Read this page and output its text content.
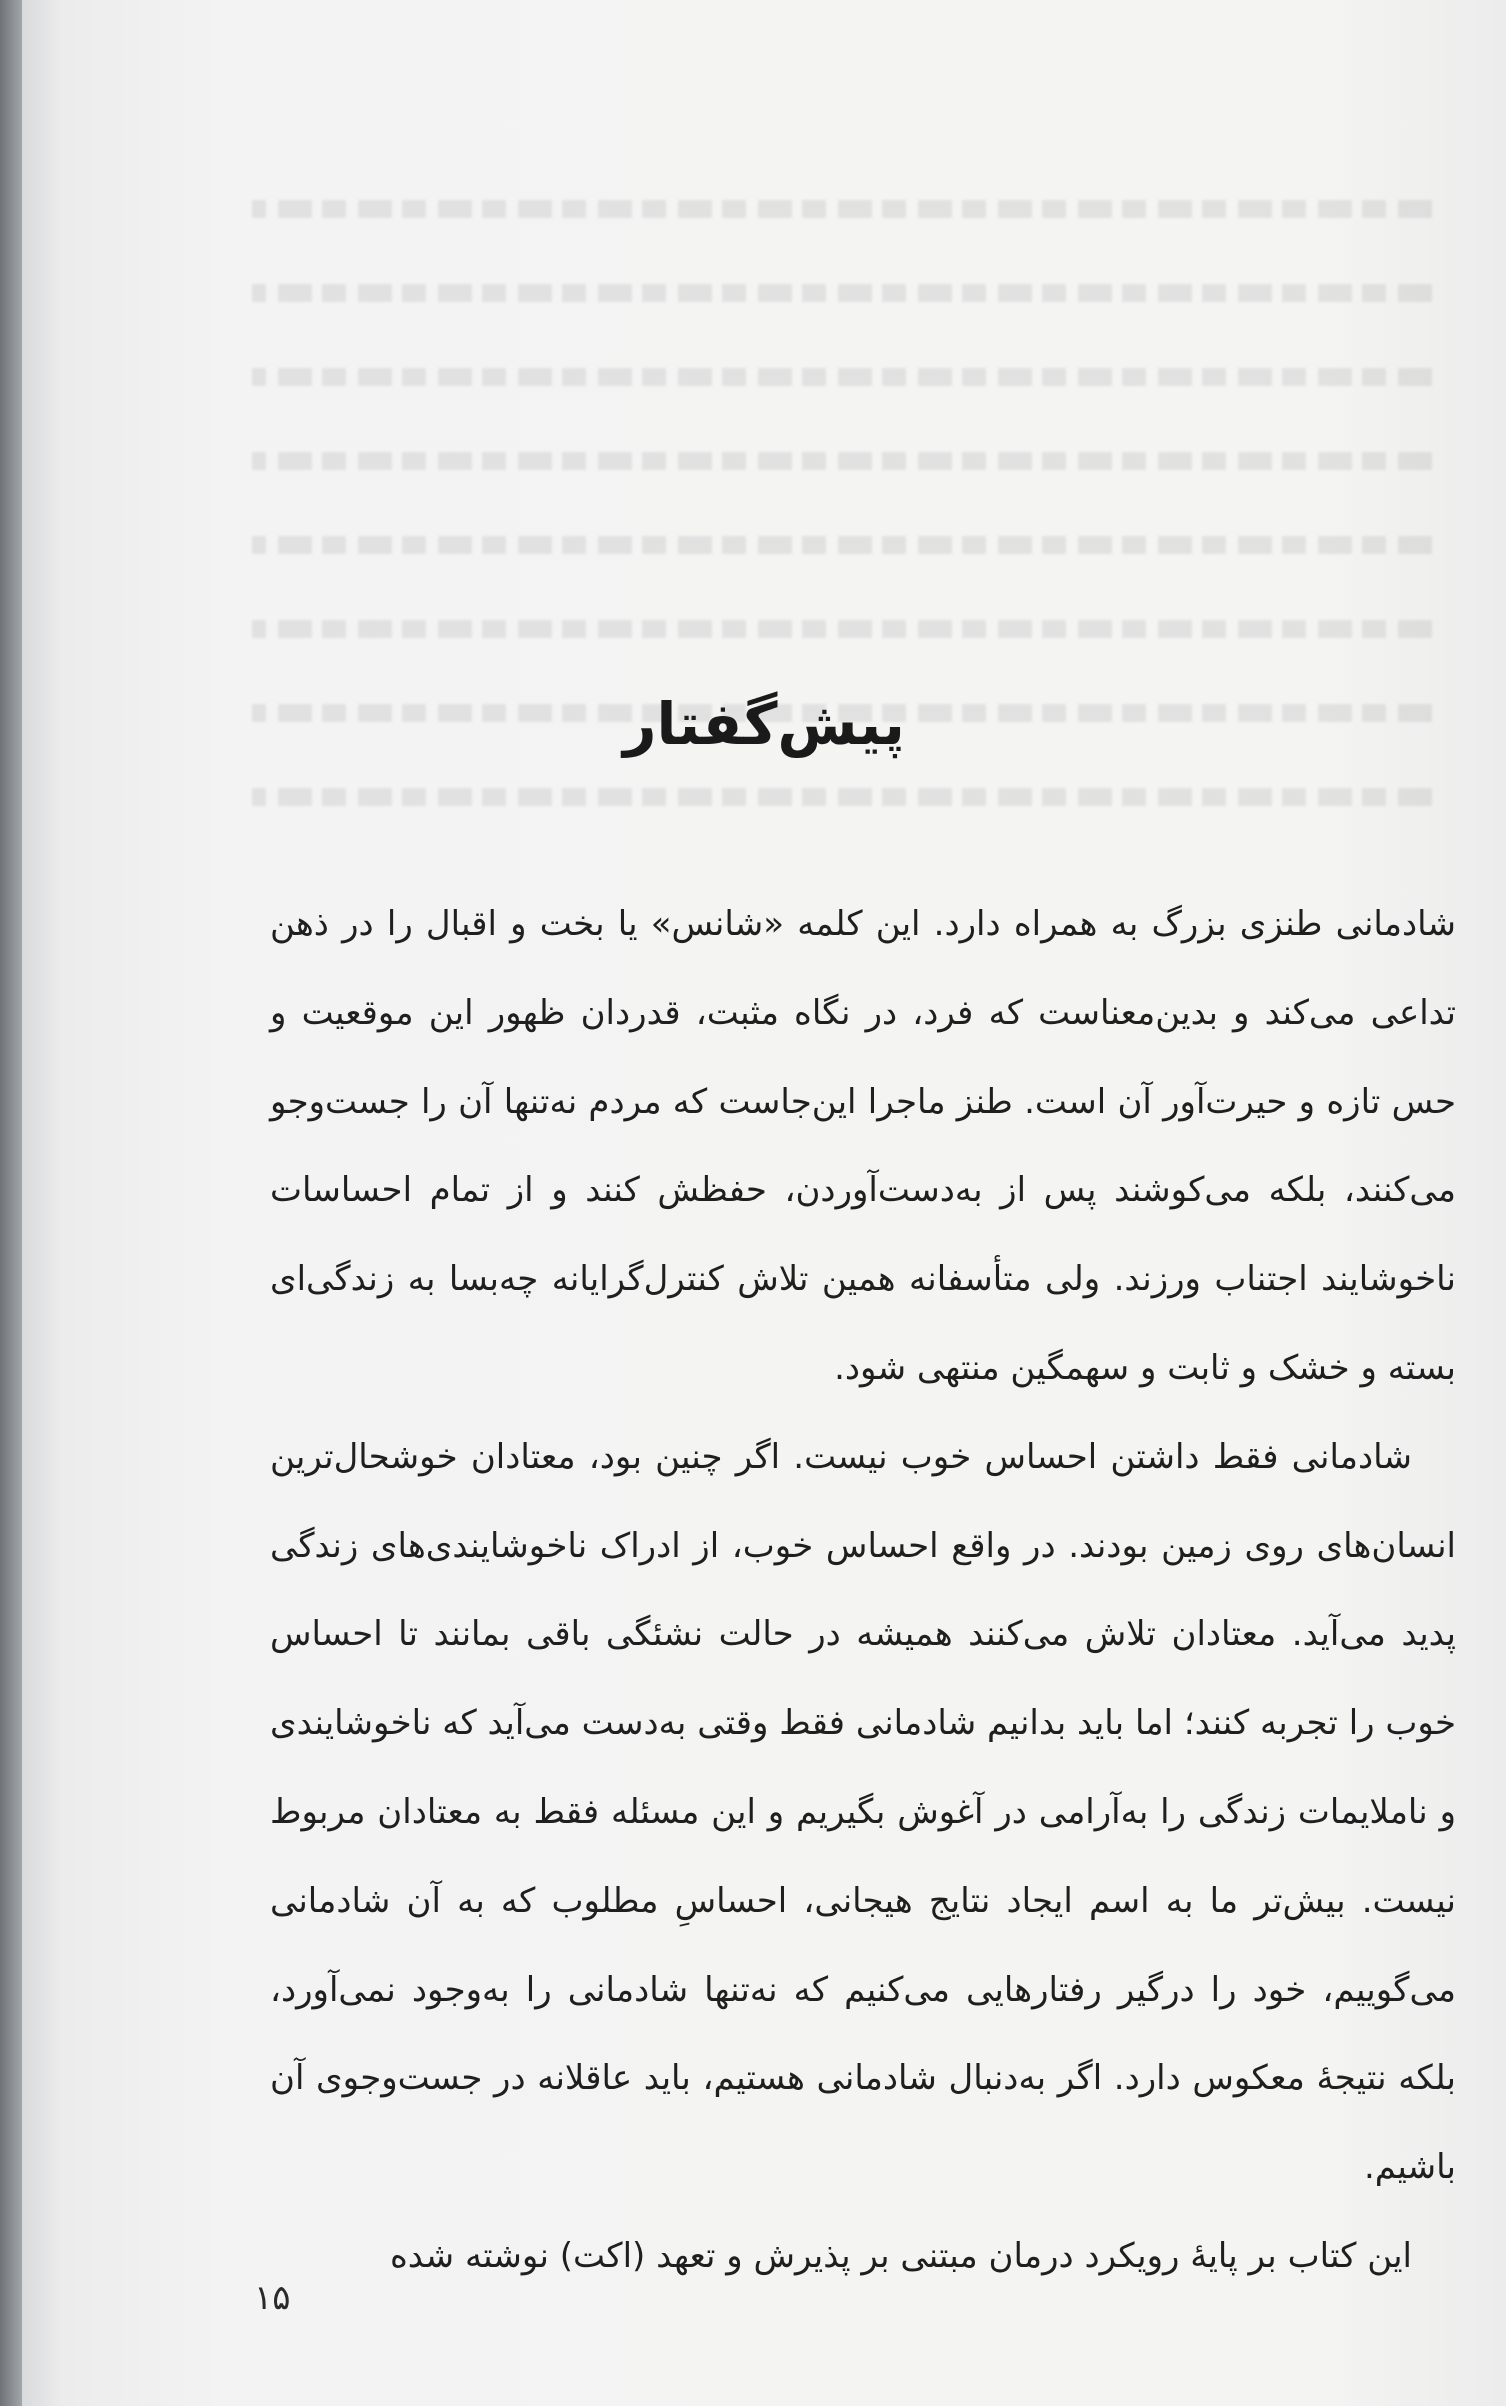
پیش‌گفتار

شادمانی طنزی بزرگ به همراه دارد. این کلمه «شانس» یا بخت و اقبال را در ذهن تداعی می‌کند و بدین‌معناست که فرد، در نگاه مثبت، قدردان ظهور این موقعیت و حس تازه و حیرت‌آور آن است. طنز ماجرا این‌جاست که مردم نه‌تنها آن را جست‌وجو می‌کنند، بلکه می‌کوشند پس از به‌دست‌آوردن، حفظش کنند و از تمام احساسات ناخوشایند اجتناب ورزند. ولی متأسفانه همین تلاش کنترل‌گرایانه چه‌بسا به زندگی‌ای بسته و خشک و ثابت و سهمگین منتهی شود.

شادمانی فقط داشتن احساس خوب نیست. اگر چنین بود، معتادان خوشحال‌ترین انسان‌های روی زمین بودند. در واقع احساس خوب، از ادراک ناخوشایندی‌های زندگی پدید می‌آید. معتادان تلاش می‌کنند همیشه در حالت نشئگی باقی بمانند تا احساس خوب را تجربه کنند؛ اما باید بدانیم شادمانی فقط وقتی به‌دست می‌آید که ناخوشایندی و ناملایمات زندگی را به‌آرامی در آغوش بگیریم و این مسئله فقط به معتادان مربوط نیست. بیش‌تر ما به اسم ایجاد نتایج هیجانی، احساسِ مطلوب که به آن شادمانی می‌گوییم، خود را درگیر رفتارهایی می‌کنیم که نه‌تنها شادمانی را به‌وجود نمی‌آورد، بلکه نتیجهٔ معکوس دارد. اگر به‌دنبال شادمانی هستیم، باید عاقلانه در جست‌وجوی آن باشیم.

این کتاب بر پایهٔ رویکرد درمان مبتنی بر پذیرش و تعهد (اکت) نوشته شده

۱۵
